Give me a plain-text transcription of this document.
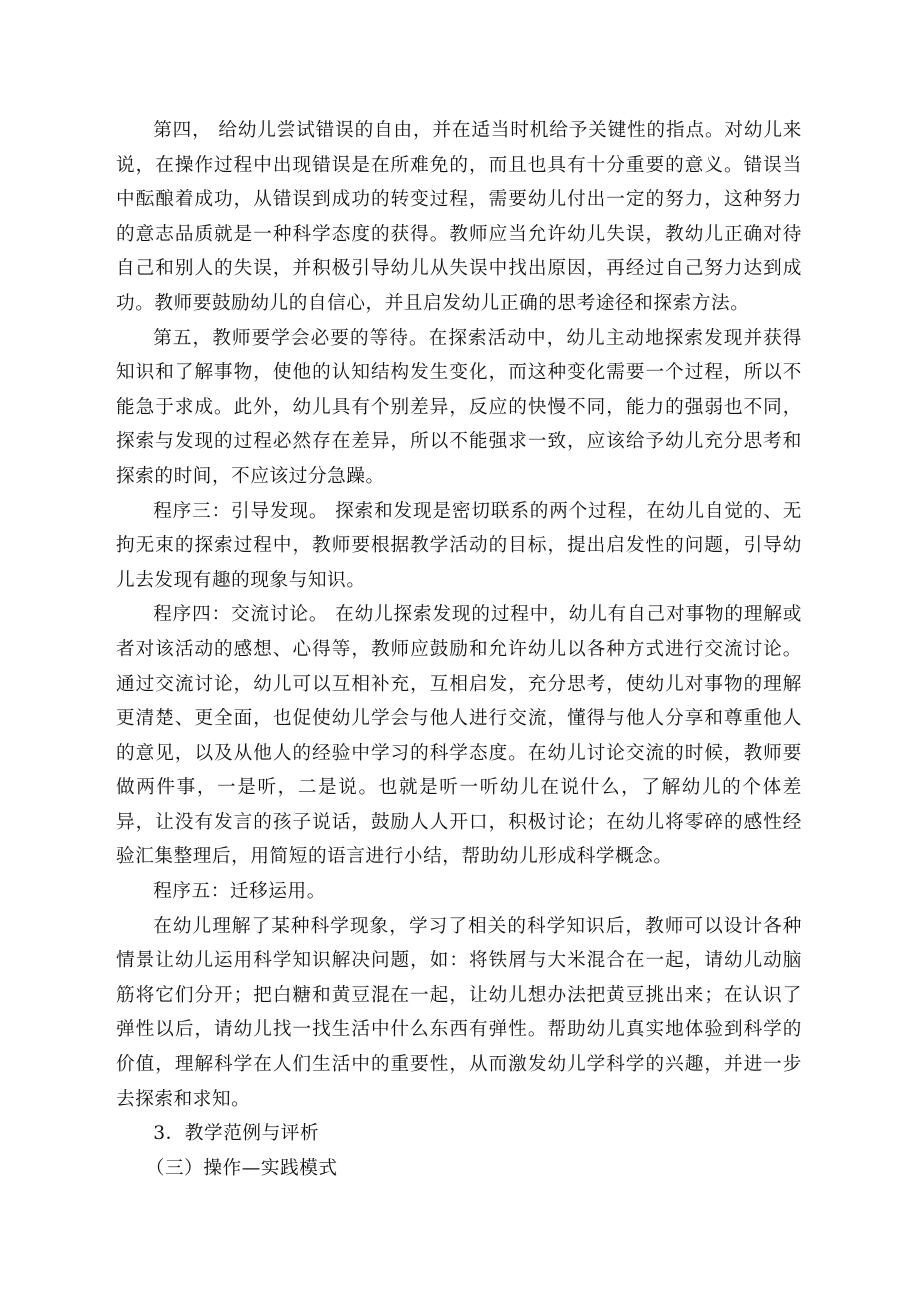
第四， 给幼儿尝试错误的自由，并在适当时机给予关键性的指点。对幼儿来说，在操作过程中出现错误是在所难免的，而且也具有十分重要的意义。错误当中酝酿着成功，从错误到成功的转变过程，需要幼儿付出一定的努力，这种努力的意志品质就是一种科学态度的获得。教师应当允许幼儿失误，教幼儿正确对待自己和别人的失误，并积极引导幼儿从失误中找出原因，再经过自己努力达到成功。教师要鼓励幼儿的自信心，并且启发幼儿正确的思考途径和探索方法。

第五，教师要学会必要的等待。在探索活动中，幼儿主动地探索发现并获得知识和了解事物，使他的认知结构发生变化，而这种变化需要一个过程，所以不能急于求成。此外，幼儿具有个别差异，反应的快慢不同，能力的强弱也不同，探索与发现的过程必然存在差异，所以不能强求一致，应该给予幼儿充分思考和探索的时间，不应该过分急躁。

程序三：引导发现。 探索和发现是密切联系的两个过程，在幼儿自觉的、无拘无束的探索过程中，教师要根据教学活动的目标，提出启发性的问题，引导幼儿去发现有趣的现象与知识。

程序四：交流讨论。 在幼儿探索发现的过程中，幼儿有自己对事物的理解或者对该活动的感想、心得等，教师应鼓励和允许幼儿以各种方式进行交流讨论。通过交流讨论，幼儿可以互相补充，互相启发，充分思考，使幼儿对事物的理解更清楚、更全面，也促使幼儿学会与他人进行交流，懂得与他人分享和尊重他人的意见，以及从他人的经验中学习的科学态度。在幼儿讨论交流的时候，教师要做两件事，一是听，二是说。也就是听一听幼儿在说什么，了解幼儿的个体差异，让没有发言的孩子说话，鼓励人人开口，积极讨论；在幼儿将零碎的感性经验汇集整理后，用简短的语言进行小结，帮助幼儿形成科学概念。

程序五：迁移运用。

在幼儿理解了某种科学现象，学习了相关的科学知识后，教师可以设计各种情景让幼儿运用科学知识解决问题，如：将铁屑与大米混合在一起，请幼儿动脑筋将它们分开；把白糖和黄豆混在一起，让幼儿想办法把黄豆挑出来；在认识了弹性以后，请幼儿找一找生活中什么东西有弹性。帮助幼儿真实地体验到科学的价值，理解科学在人们生活中的重要性，从而激发幼儿学科学的兴趣，并进一步去探索和求知。

3．教学范例与评析

（三）操作—实践模式
